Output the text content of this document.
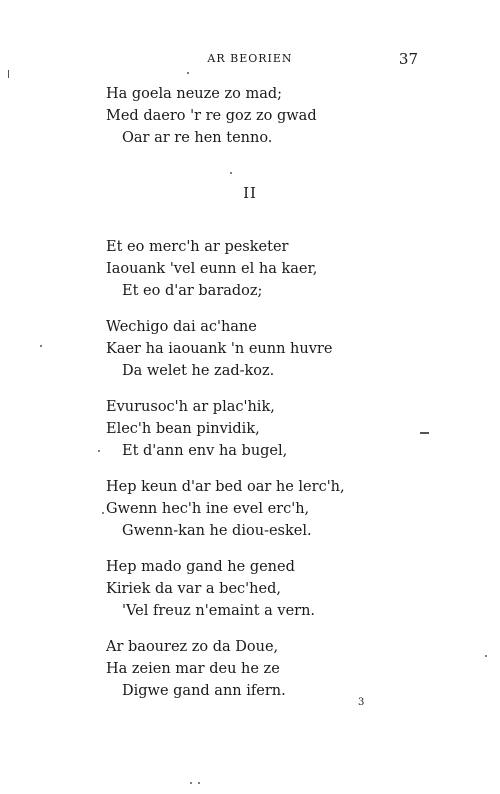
AR BEORIEN	37
Ha goela neuze zo mad;
Med daero 'r re goz zo gwad
Oar ar re hen tenno.
II
Et eo merc'h ar pesketer
Iaouank 'vel eunn el ha kaer,
Et eo d'ar baradoz;
Wechigo dai ac'hane
Kaer ha iaouank 'n eunn huvre
Da welet he zad-koz.
Evurusoc'h ar plac'hik,
Elec'h bean pinvidik,
Et d'ann env ha bugel,
Hep keun d'ar bed oar he lerc'h,
Gwenn hec'h ine evel erc'h,
Gwenn-kan he diou-eskel.
Hep mado gand he gened
Kiriek da var a bec'hed,
'Vel freuz n'emaint a vern.
Ar baourez zo da Doue,
Ha zeien mar deu he ze
Digwe gand ann ifern.
3
